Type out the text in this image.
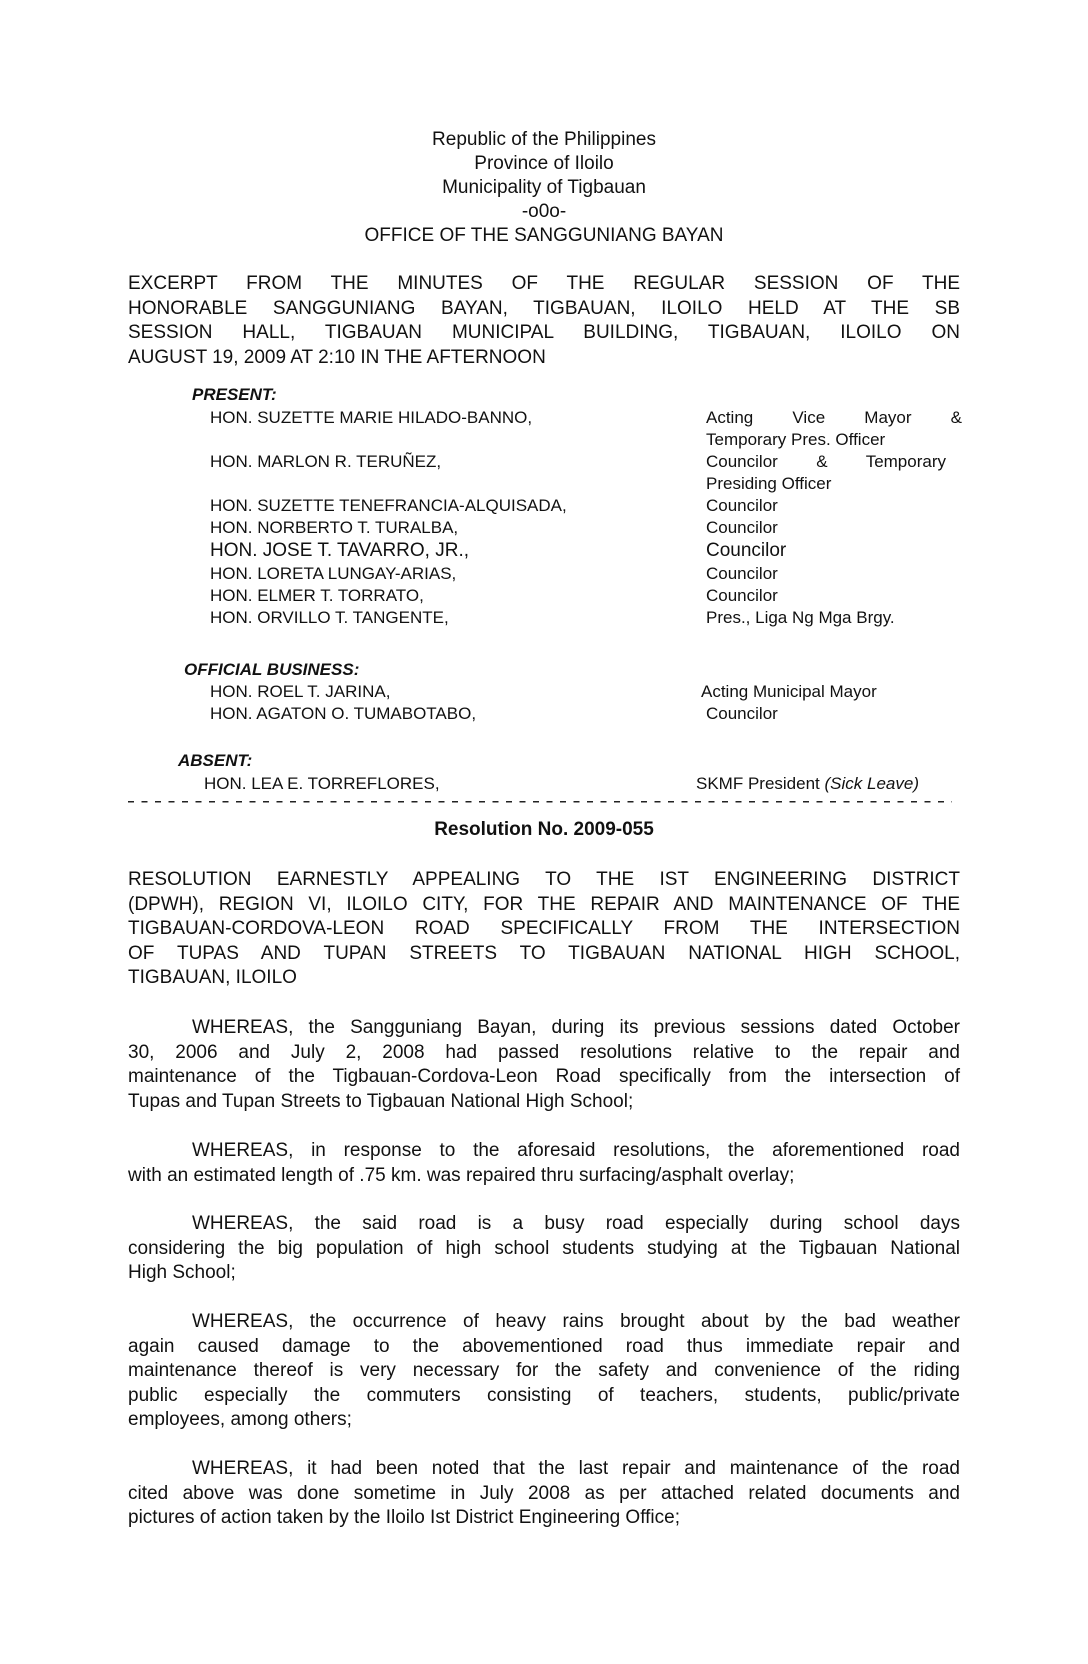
Republic of the Philippines
Province of Iloilo
Municipality of Tigbauan
-o0o-
OFFICE OF THE SANGGUNIANG BAYAN
EXCERPT FROM THE MINUTES OF THE REGULAR SESSION OF THE
HONORABLE SANGGUNIANG BAYAN, TIGBAUAN, ILOILO HELD AT THE SB
SESSION HALL, TIGBAUAN MUNICIPAL BUILDING, TIGBAUAN, ILOILO ON
AUGUST 19, 2009 AT 2:10 IN THE AFTERNOON
PRESENT:
HON. SUZETTE MARIE HILADO-BANNO,	Acting Vice Mayor &
Temporary Pres. Officer
HON. MARLON R. TERUÑEZ,	Councilor & Temporary
Presiding Officer
HON. SUZETTE TENEFRANCIA-ALQUISADA,	Councilor
HON. NORBERTO T. TURALBA,	Councilor
HON. JOSE T. TAVARRO, JR.,	Councilor
HON. LORETA LUNGAY-ARIAS,	Councilor
HON. ELMER T. TORRATO,	Councilor
HON. ORVILLO T. TANGENTE,	Pres., Liga Ng Mga Brgy.
OFFICIAL BUSINESS:
HON. ROEL T. JARINA,	Acting Municipal Mayor
HON. AGATON O. TUMABOTABO,	Councilor
ABSENT:
HON. LEA E. TORREFLORES,	SKMF President (Sick Leave)
Resolution No. 2009-055
RESOLUTION EARNESTLY APPEALING TO THE IST ENGINEERING DISTRICT
(DPWH), REGION VI, ILOILO CITY, FOR THE REPAIR AND MAINTENANCE OF THE
TIGBAUAN-CORDOVA-LEON ROAD SPECIFICALLY FROM THE INTERSECTION
OF TUPAS AND TUPAN STREETS TO TIGBAUAN NATIONAL HIGH SCHOOL,
TIGBAUAN, ILOILO
WHEREAS, the Sangguniang Bayan, during its previous sessions dated October
30, 2006 and July 2, 2008 had passed resolutions relative to the repair and
maintenance of the Tigbauan-Cordova-Leon Road specifically from the intersection of
Tupas and Tupan Streets to Tigbauan National High School;
WHEREAS, in response to the aforesaid resolutions, the aforementioned road
with an estimated length of .75 km. was repaired thru surfacing/asphalt overlay;
WHEREAS, the said road is a busy road especially during school days
considering the big population of high school students studying at the Tigbauan National
High School;
WHEREAS, the occurrence of heavy rains brought about by the bad weather
again caused damage to the abovementioned road thus immediate repair and
maintenance thereof is very necessary for the safety and convenience of the riding
public especially the commuters consisting of teachers, students, public/private
employees, among others;
WHEREAS, it had been noted that the last repair and maintenance of the road
cited above was done sometime in July 2008 as per attached related documents and
pictures of action taken by the Iloilo Ist District Engineering Office;
